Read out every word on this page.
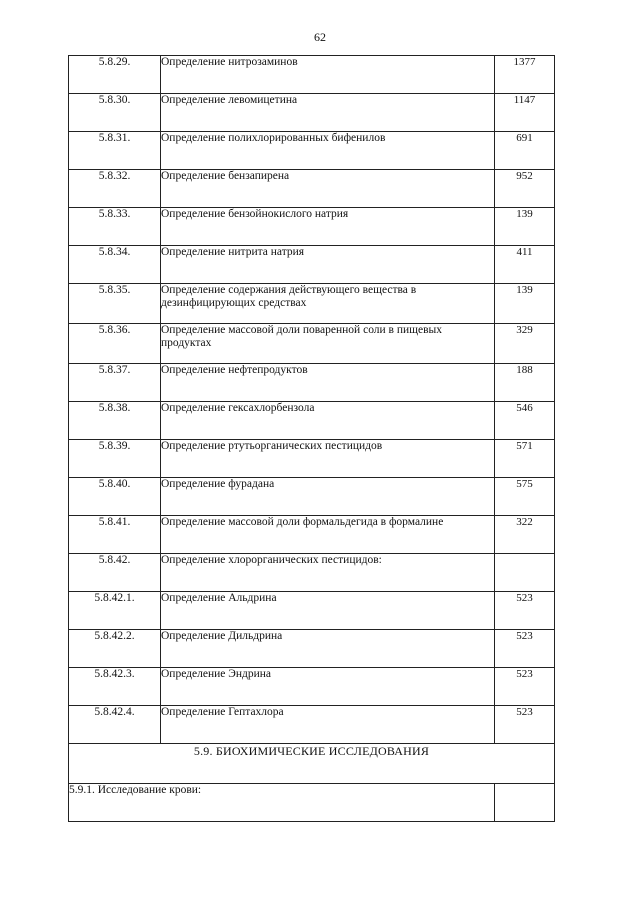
62
5.8.29.	Определение нитрозаминов	1377
5.8.30.	Определение левомицетина	1147
5.8.31.	Определение полихлорированных бифенилов	691
5.8.32.	Определение бензапирена	952
5.8.33.	Определение бензойнокислого натрия	139
5.8.34.	Определение нитрита натрия	411
5.8.35.	Определение содержания действующего вещества в дезинфицирующих средствах	139
5.8.36.	Определение массовой доли поваренной соли в пищевых продуктах	329
5.8.37.	Определение нефтепродуктов	188
5.8.38.	Определение гексахлорбензола	546
5.8.39.	Определение ртутьорганических пестицидов	571
5.8.40.	Определение фурадана	575
5.8.41.	Определение массовой доли формальдегида в формалине	322
5.8.42.	Определение хлорорганических пестицидов:	
5.8.42.1.	Определение Альдрина	523
5.8.42.2.	Определение Дильдрина	523
5.8.42.3.	Определение Эндрина	523
5.8.42.4.	Определение Гептахлора	523
5.9. БИОХИМИЧЕСКИЕ ИССЛЕДОВАНИЯ		
5.9.1. Исследование крови:		
